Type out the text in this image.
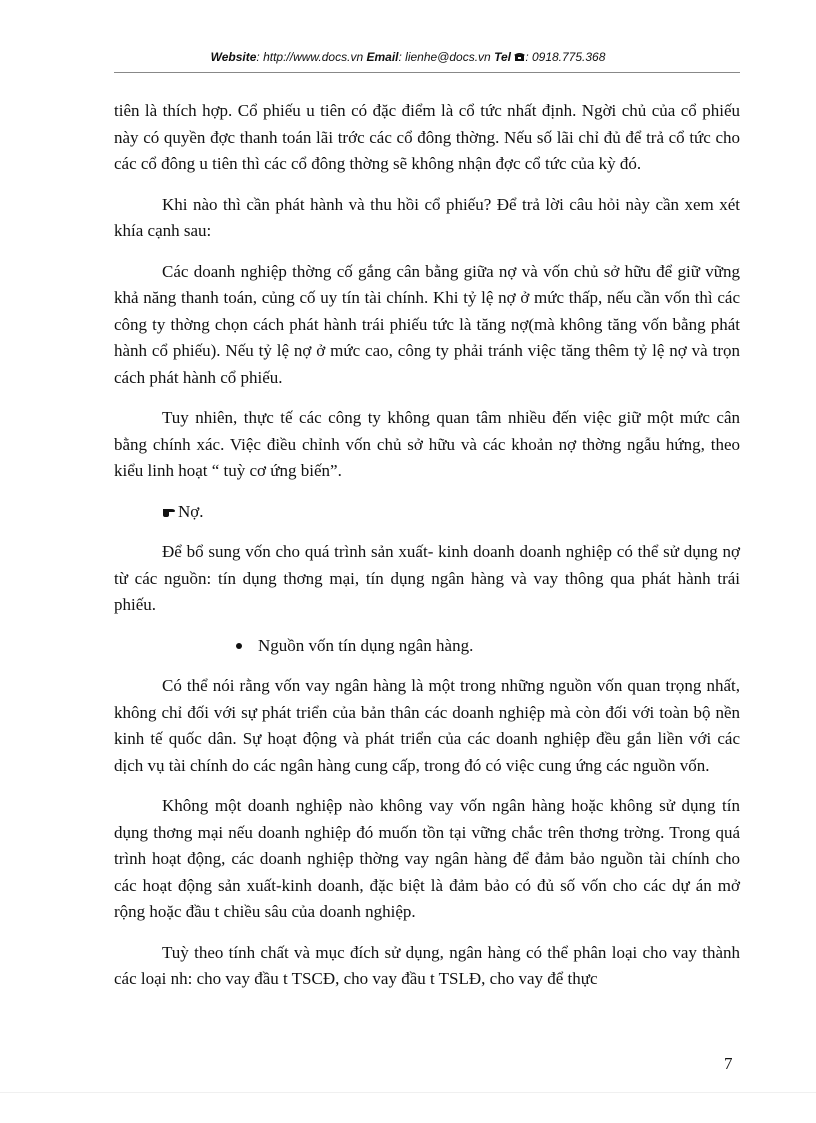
Website: http://www.docs.vn Email: lienhe@docs.vn Tel : 0918.775.368

tiên là thích hợp. Cổ phiếu u tiên có đặc điểm là cổ tức nhất định. Ngời chủ của cổ phiếu này có quyền đợc thanh toán lãi trớc các cổ đông thờng. Nếu số lãi chỉ đủ để trả cổ tức cho các cổ đông u tiên thì các cổ đông thờng sẽ không nhận đợc cổ tức của kỳ đó.

Khi nào thì cần phát hành và thu hồi cổ phiếu? Để trả lời câu hỏi này cần xem xét khía cạnh sau:

Các doanh nghiệp thờng cố gắng cân bằng giữa nợ và vốn chủ sở hữu để giữ vững khả năng thanh toán, củng cố uy tín tài chính. Khi tỷ lệ nợ ở mức thấp, nếu cần vốn thì các công ty thờng chọn cách phát hành trái phiếu tức là tăng nợ(mà không tăng vốn bằng phát hành cổ phiếu). Nếu tỷ lệ nợ ở mức cao, công ty phải tránh việc tăng thêm tỷ lệ nợ và trọn cách phát hành cổ phiếu.

Tuy nhiên, thực tế các công ty không quan tâm nhiều đến việc giữ một mức cân bằng chính xác. Việc điều chỉnh vốn chủ sở hữu và các khoản nợ thờng ngẫu hứng, theo kiểu linh hoạt “ tuỳ cơ ứng biến”.

Nợ.

Để bổ sung vốn cho quá trình sản xuất- kinh doanh doanh nghiệp có thể sử dụng nợ từ các nguồn: tín dụng thơng mại, tín dụng ngân hàng và vay thông qua phát hành trái phiếu.

Nguồn vốn tín dụng ngân hàng.

Có thể nói rằng vốn vay ngân hàng là một trong những nguồn vốn quan trọng nhất, không chỉ đối với sự phát triển của bản thân các doanh nghiệp mà còn đối với toàn bộ nền kinh tế quốc dân. Sự hoạt động và phát triển của các doanh nghiệp đều gắn liền với các dịch vụ tài chính do các ngân hàng cung cấp, trong đó có việc cung ứng các nguồn vốn.

Không một doanh nghiệp nào không vay vốn ngân hàng hoặc không sử dụng tín dụng thơng mại nếu doanh nghiệp đó muốn tồn tại vững chắc trên thơng trờng. Trong quá trình hoạt động, các doanh nghiệp thờng vay ngân hàng để đảm bảo nguồn tài chính cho các hoạt động sản xuất-kinh doanh, đặc biệt là đảm bảo có đủ số vốn cho các dự án mở rộng hoặc đầu t chiều sâu của doanh nghiệp.

Tuỳ theo tính chất và mục đích sử dụng, ngân hàng có thể phân loại cho vay thành các loại nh: cho vay đầu t TSCĐ, cho vay đầu t TSLĐ, cho vay để thực

7
